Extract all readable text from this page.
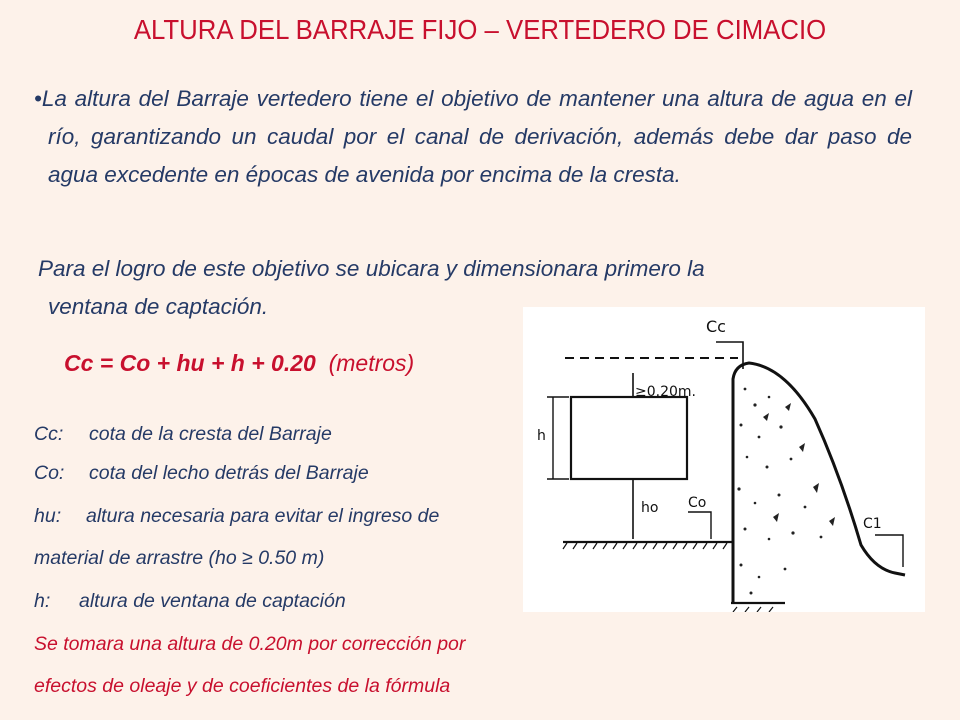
ALTURA DEL BARRAJE FIJO – VERTEDERO DE CIMACIO
•La altura del Barraje vertedero tiene el objetivo de mantener una altura de agua en el río, garantizando un caudal por el canal de derivación, además debe dar paso de agua excedente en épocas de avenida por encima de la cresta.
Para el logro de este objetivo se ubicara y dimensionara primero la
ventana de captación.
Cc = Co + hu + h + 0.20 (metros)
Cc: cota de la cresta del Barraje
Co: cota del lecho detrás del Barraje
hu: altura necesaria para evitar el ingreso de
material de arrastre (ho ≥ 0.50 m)
h: altura de ventana de captación
Se tomara una altura de 0.20m por corrección por
efectos de oleaje y de coeficientes de la fórmula
Cc
≥0.20m.
h
ho Co
C1
